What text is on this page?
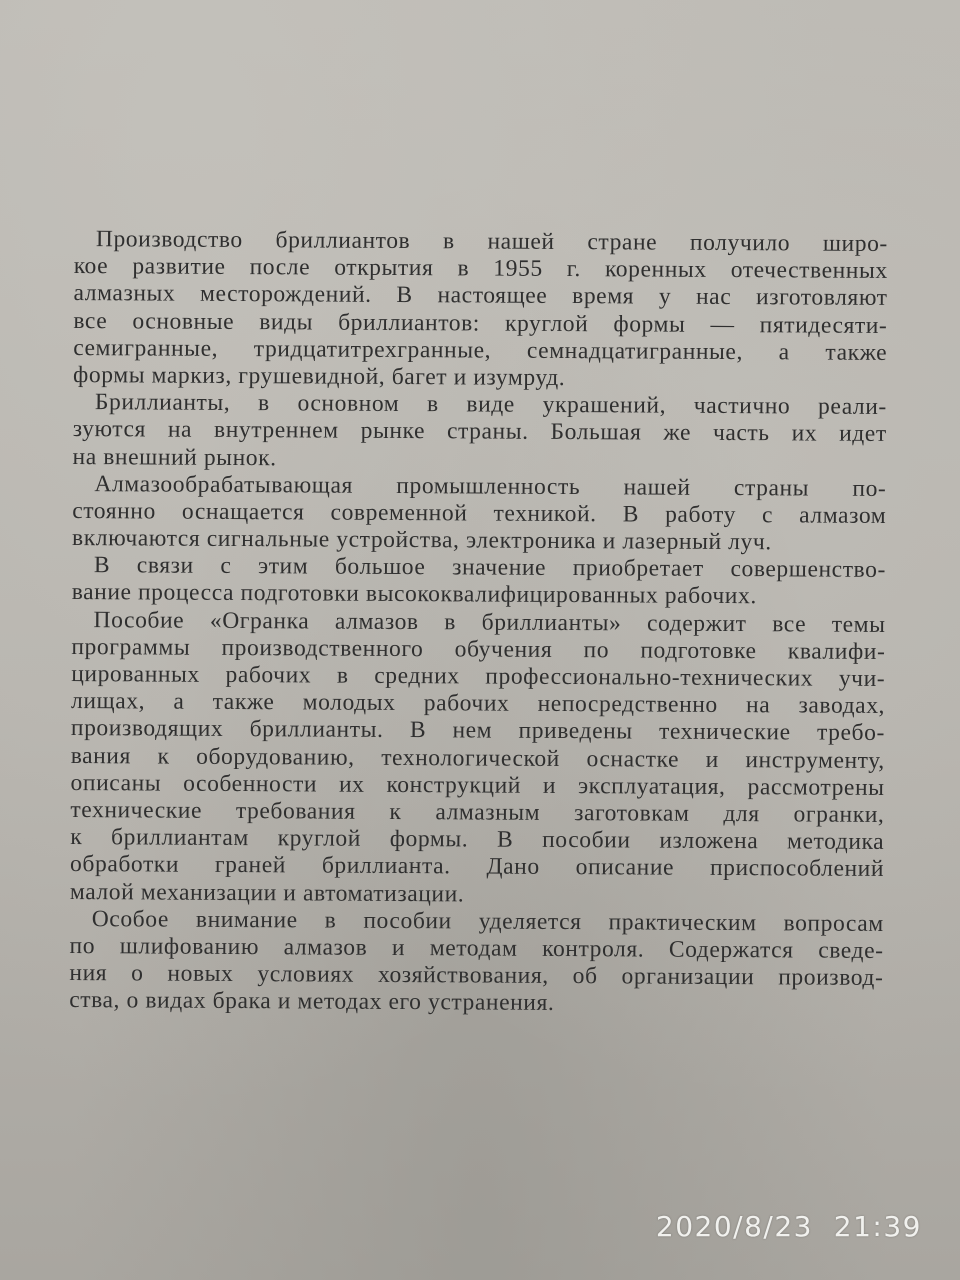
Производство бриллиантов в нашей стране получило широ-
кое развитие после открытия в 1955 г. коренных отечественных
алмазных месторождений. В настоящее время у нас изготовляют
все основные виды бриллиантов: круглой формы — пятидесяти-
семигранные, тридцатитрехгранные, семнадцатигранные, а также
формы маркиз, грушевидной, багет и изумруд.
Бриллианты, в основном в виде украшений, частично реали-
зуются на внутреннем рынке страны. Большая же часть их идет
на внешний рынок.
Алмазообрабатывающая промышленность нашей страны по-
стоянно оснащается современной техникой. В работу с алмазом
включаются сигнальные устройства, электроника и лазерный луч.
В связи с этим большое значение приобретает совершенство-
вание процесса подготовки высококвалифицированных рабочих.
Пособие «Огранка алмазов в бриллианты» содержит все темы
программы производственного обучения по подготовке квалифи-
цированных рабочих в средних профессионально-технических учи-
лищах, а также молодых рабочих непосредственно на заводах,
производящих бриллианты. В нем приведены технические требо-
вания к оборудованию, технологической оснастке и инструменту,
описаны особенности их конструкций и эксплуатация, рассмотрены
технические требования к алмазным заготовкам для огранки,
к бриллиантам круглой формы. В пособии изложена методика
обработки граней бриллианта. Дано описание приспособлений
малой механизации и автоматизации.
Особое внимание в пособии уделяется практическим вопросам
по шлифованию алмазов и методам контроля. Содержатся сведе-
ния о новых условиях хозяйствования, об организации производ-
ства, о видах брака и методах его устранения.
2020/8/23 21:39
